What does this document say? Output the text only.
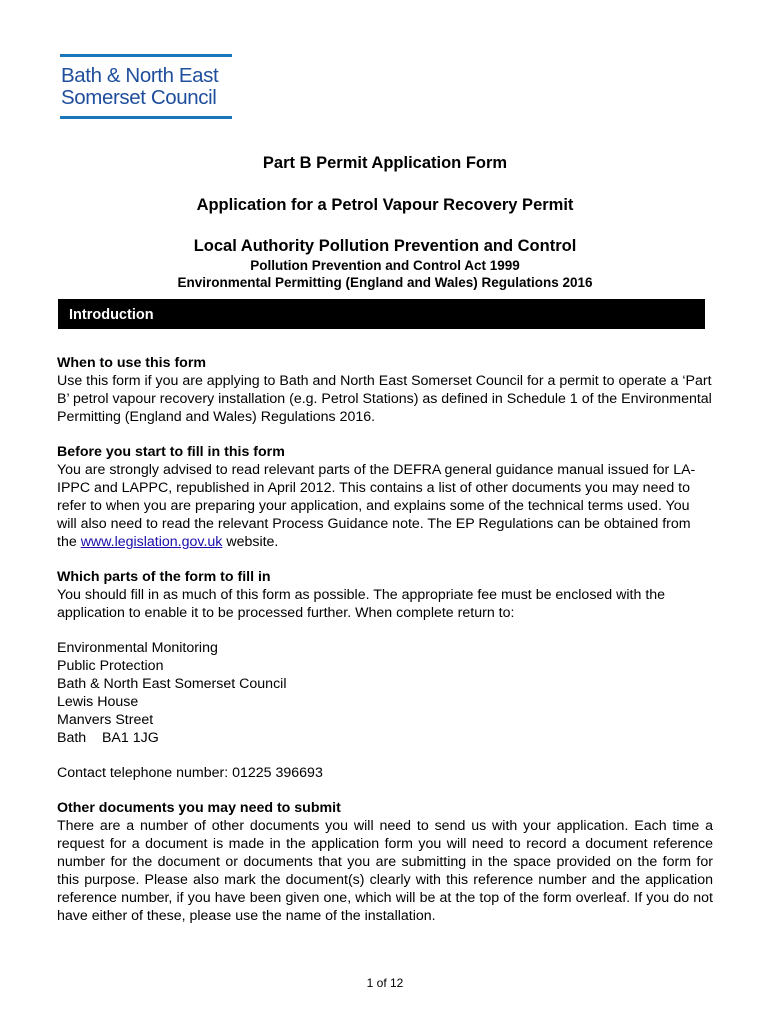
Bath & North East
Somerset Council
Part B Permit Application Form
Application for a Petrol Vapour Recovery Permit
Local Authority Pollution Prevention and Control
Pollution Prevention and Control Act 1999
Environmental Permitting (England and Wales) Regulations 2016
Introduction
When to use this form

Use this form if you are applying to Bath and North East Somerset Council for a permit to operate a ‘Part B’ petrol vapour recovery installation (e.g. Petrol Stations) as defined in Schedule 1 of the Environmental Permitting (England and Wales) Regulations 2016.

Before you start to fill in this form

You are strongly advised to read relevant parts of the DEFRA general guidance manual issued for LA-IPPC and LAPPC, republished in April 2012. This contains a list of other documents you may need to refer to when you are preparing your application, and explains some of the technical terms used. You will also need to read the relevant Process Guidance note. The EP Regulations can be obtained from the www.legislation.gov.uk website.

Which parts of the form to fill in

You should fill in as much of this form as possible. The appropriate fee must be enclosed with the application to enable it to be processed further. When complete return to:

Environmental Monitoring
Public Protection
Bath & North East Somerset Council
Lewis House
Manvers Street
Bath    BA1 1JG

Contact telephone number: 01225 396693

Other documents you may need to submit

There are a number of other documents you will need to send us with your application. Each time a request for a document is made in the application form you will need to record a document reference number for the document or documents that you are submitting in the space provided on the form for this purpose. Please also mark the document(s) clearly with this reference number and the application reference number, if you have been given one, which will be at the top of the form overleaf. If you do not have either of these, please use the name of the installation.

1 of 12
